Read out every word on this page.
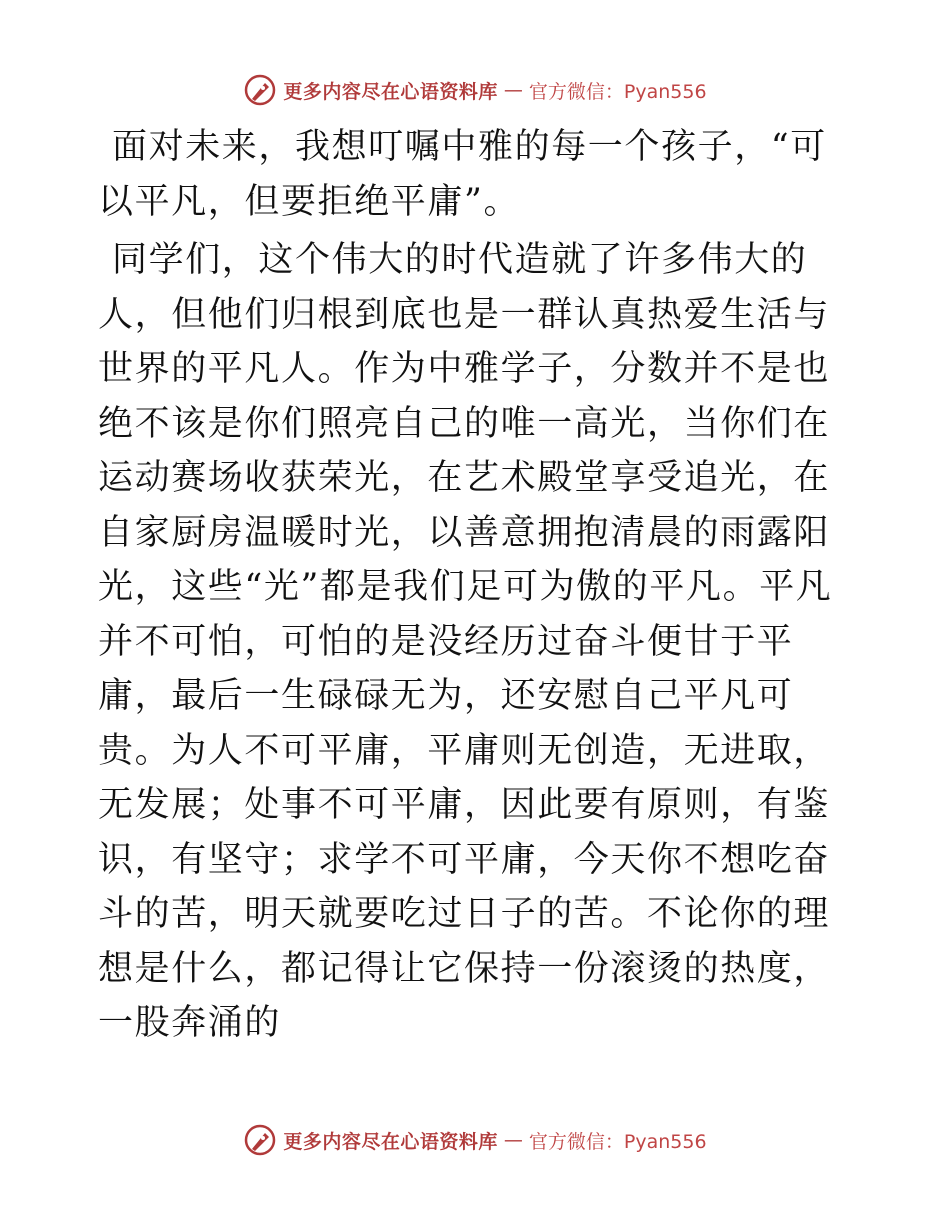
更多内容尽在心语资料库 — 官方微信：Pyan556

面对未来，我想叮嘱中雅的每一个孩子，“可以平凡，但要拒绝平庸”。

同学们，这个伟大的时代造就了许多伟大的人，但他们归根到底也是一群认真热爱生活与世界的平凡人。作为中雅学子，分数并不是也绝不该是你们照亮自己的唯一高光，当你们在运动赛场收获荣光，在艺术殿堂享受追光，在自家厨房温暖时光，以善意拥抱清晨的雨露阳光，这些“光”都是我们足可为傲的平凡。平凡并不可怕，可怕的是没经历过奋斗便甘于平庸，最后一生碌碌无为，还安慰自己平凡可贵。为人不可平庸，平庸则无创造，无进取，无发展；处事不可平庸，因此要有原则，有鉴识，有坚守；求学不可平庸，今天你不想吃奋斗的苦，明天就要吃过日子的苦。不论你的理想是什么，都记得让它保持一份滚烫的热度，一股奔涌的

更多内容尽在心语资料库 — 官方微信：Pyan556
